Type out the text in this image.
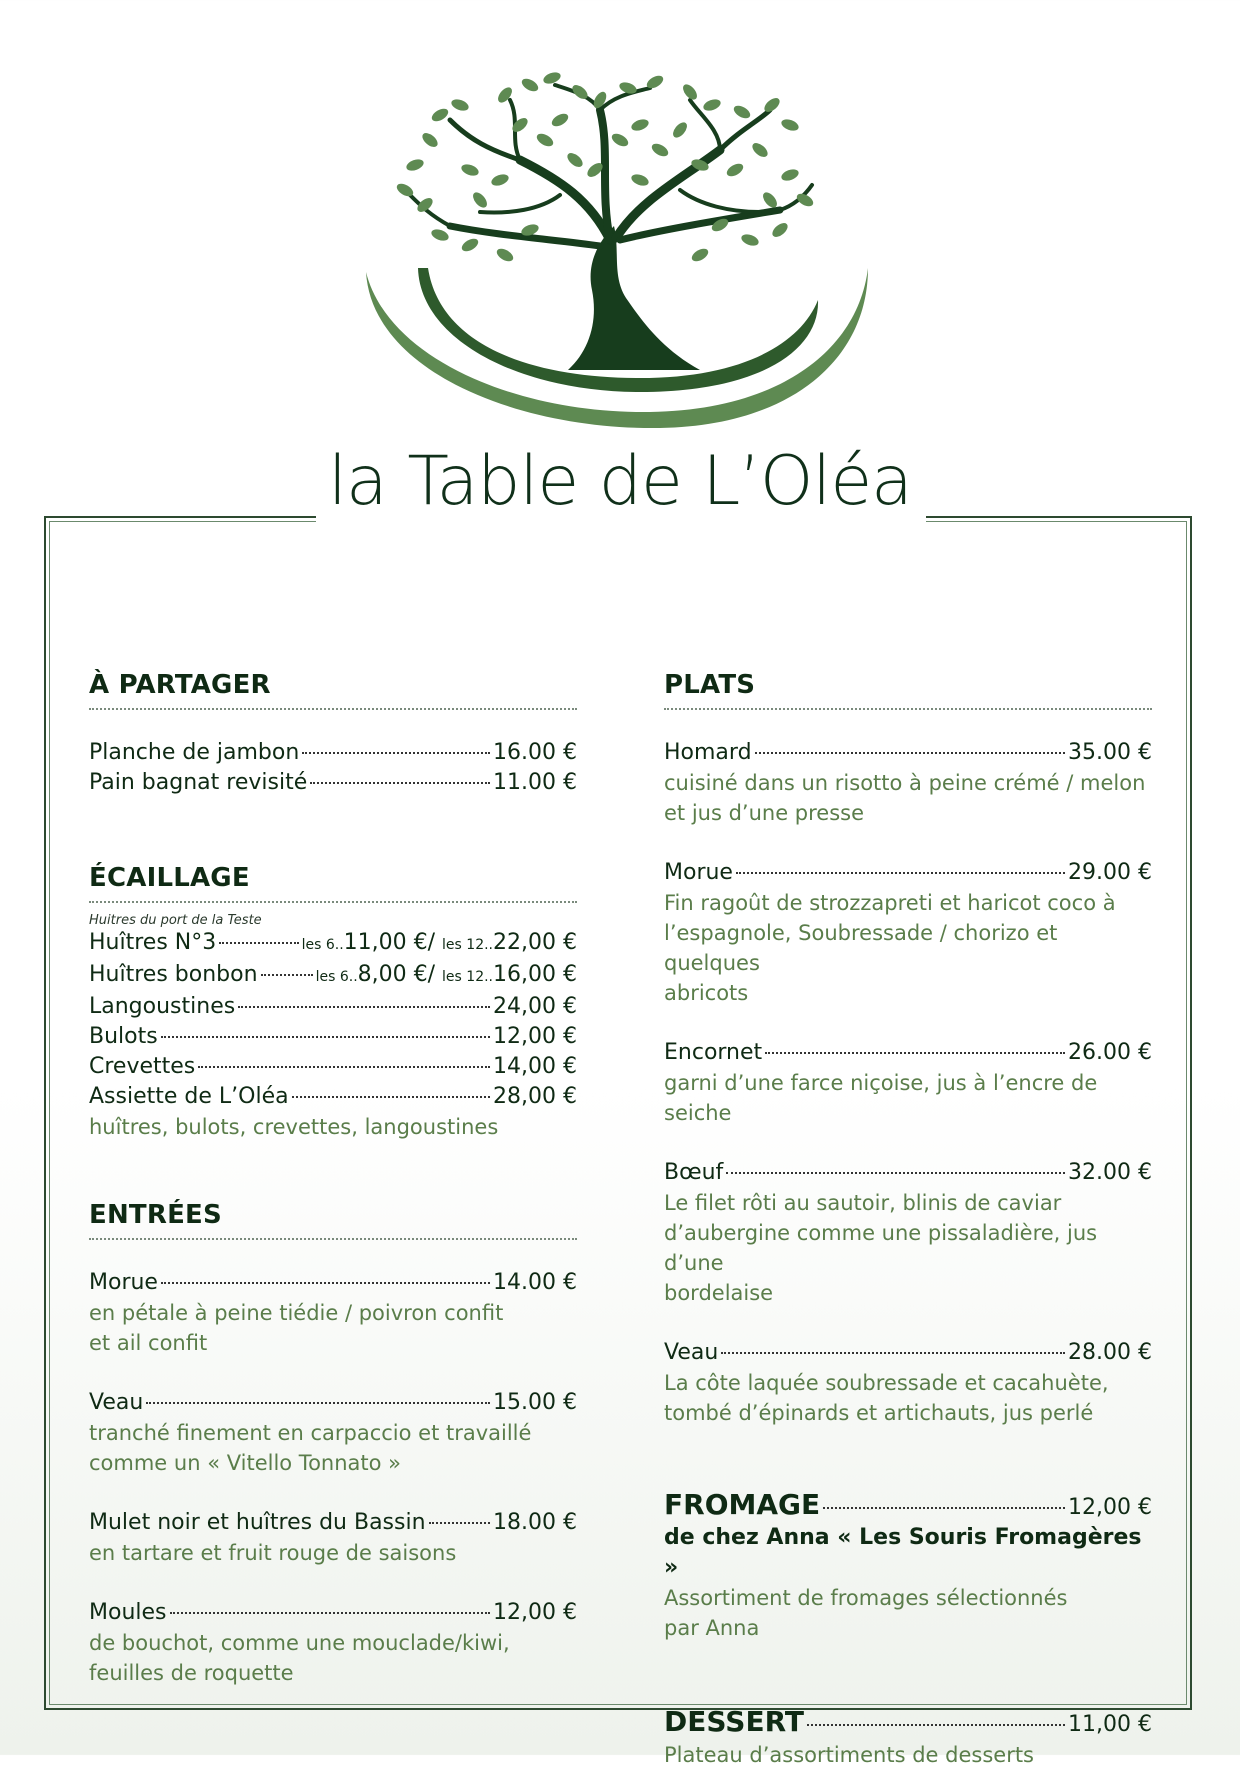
la Table de L’Oléa
À PARTAGER
Planche de jambon	16.00 €
Pain bagnat revisité	11.00 €
ÉCAILLAGE
Huitres du port de la Teste
Huîtres N°3	les 6..11,00 €/ les 12..22,00 €
Huîtres bonbon	les 6..8,00 €/ les 12..16,00 €
Langoustines	24,00 €
Bulots	12,00 €
Crevettes	14,00 €
Assiette de L’Oléa	28,00 €
huîtres, bulots, crevettes, langoustines
ENTRÉES
Morue	14.00 €
en pétale à peine tiédie / poivron confit
et ail confit
Veau	15.00 €
tranché finement en carpaccio et travaillé
comme un « Vitello Tonnato »
Mulet noir et huîtres du Bassin	18.00 €
en tartare et fruit rouge de saisons
Moules	12,00 €
de bouchot, comme une mouclade/kiwi,
feuilles de roquette
PLATS
Homard	35.00 €
cuisiné dans un risotto à peine crémé / melon
et jus d’une presse
Morue	29.00 €
Fin ragoût de strozzapreti et haricot coco à
l’espagnole, Soubressade / chorizo et quelques
abricots
Encornet	26.00 €
garni d’une farce niçoise, jus à l’encre de
seiche
Bœuf	32.00 €
Le filet rôti au sautoir, blinis de caviar
d’aubergine comme une pissaladière, jus d’une
bordelaise
Veau	28.00 €
La côte laquée soubressade et cacahuète,
tombé d’épinards et artichauts, jus perlé
FROMAGE	12,00 €
de chez Anna « Les Souris Fromagères »
Assortiment de fromages sélectionnés
par Anna
DESSERT	11,00 €
Plateau d’assortiments de desserts
